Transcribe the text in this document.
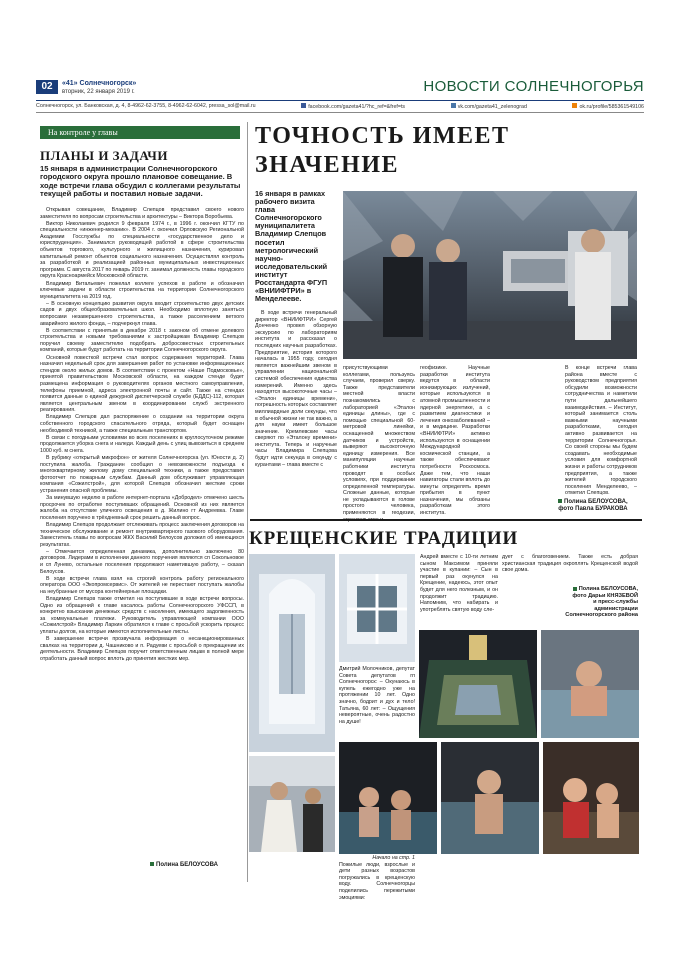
02	«41» Солнечногорск»
вторник, 22 января 2019 г.	НОВОСТИ СОЛНЕЧНОГОРЬЯ
Солнечногорск, ул. Банковская, д. 4, 8-4962-62-3755, 8-4962-62-6042, pressa_sol@mail.ru	facebook.com/gazeta41/?hc_ref=&fref=ts	vk.com/gazeta41_zelenograd	ok.ru/profile/585361549106
На контроле у главы
ПЛАНЫ И ЗАДАЧИ
15 января в администрации Солнечногорского городского округа прошло плановое совещание. В ходе встречи глава обсудил с коллегами результаты текущей работы и поставил новые задачи.

Открывая совещание, Владимир Слепцов представил своего нового заместителя по вопросам строительства и архитектуры – Виктора Воробьева.

Виктор Николаевич родился 9 февраля 1974 г., в 1996 г. окончил КГТУ по специальности «инженер-механик». В 2004 г. окончил Орловскую Региональной Академии Госслужбы по специальности «государственное дело и юриспруденция». Занимался руководящей работой в сфере строительства объектов торгового, культурного и жилищного назначения, курировал капитальный ремонт объектов социального назначения. Осуществлял контроль за разработкой и реализацией районных муниципальных инвестиционных программ. С августа 2017 по январь 2019 гг. занимал должность главы городского округа Красноармейск Московской области.

Владимир Витальевич пожелал коллеге успехов в работе и обозначил ключевые задачи в области строительства на территории Солнечногорского муниципалитета на 2019 год.

– В основную концепцию развития округа входит строительство двух детских садов и двух общеобразовательных школ. Необходимо вплотную заняться вопросами незавершенного строительства, а также расселением ветхого аварийного жилого фонда, – подчеркнул глава.

В соответствии с принятым в декабре 2018 г. законом об отмене долевого строительства и новыми требованиями к застройщикам Владимир Слепцов поручил своему заместителю подобрать добросовестных строительных компаний, которые будут работать на территории Солнечногорского округа.

Основной повесткой встречи стал вопрос содержания территорий. Глава назначил недельный срок для завершения работ по установке информационных стендов около жилых домов. В соответствии с проектом «Наше Подмосковье», принятой правительством Московской области, на каждом стенде будет размещена информация о руководителях органов местного самоуправления, телефоны приемной, адреса электронной почты и сайт. Также на стендах появится данные о единой дежурной диспетчерской службе (ЕДДС)-112, которая является центральным звеном в координировании служб экстренного реагирования.

Владимир Слепцов дал распоряжение о создании на территории округа собственного городского спасательного отряда, который будет оснащен необходимой техникой, а также специальным транспортом.

В связи с погодными условиями во всех поселениях в круглосуточном режиме продолжается уборка снега и наледи. Каждый день с улиц вывозиться в среднем 1000 куб. м снега.

В рубрику «открытый микрофон» от жителя Солнечногорска (ул. Юности д. 2) поступила жалоба. Гражданин сообщил о невозможности подъезда к многоквартирному жилому дому специальной техники, а также предоставил фотоотчет по пожарным службам. Данный дом обслуживает управляющая компания «Сожилстрой», для которой Слепцов обозначил жесткие сроки устранения опасной проблемы.

За минувшую неделю в работе интернет-портала «Добродел» отмечено шесть просрочек по отработке поступивших обращений. Основной из них является жалоба на отсутствие уличного освещения в д. Жилино гт Андреевка. Главе поселения поручено в трёхдневный срок решить данный вопрос.

Владимир Слепцов продолжает отслеживать процесс заключения договоров на техническое обслуживание и ремонт внутриквартирного газового оборудования. Заместитель главы по вопросам ЖКХ Василий Белоусов доложил об имеющихся результатах.

– Отмечается определенная динамика, дополнительно заключено 80 договоров. Лидерами в исполнении данного поручения являются сп Сокольновое и сп Лунево, остальные поселения продолжают наметившую работу, – сказал Белоусов.

В ходе встречи глава взял на строгий контроль работу регионального оператора ООО «Экопромсервис». От жителей не перестают поступать жалобы на неубранные от мусора контейнерные площадки.

Владимир Слепцов также отметил на поступившие в ходе встречи вопросы. Одно из обращений к главе касалось работы Солнечногорского УФССП, в конкретно взыскании денежных средств с населения, имеющего задолженность за коммунальные платежи. Руководитель управляющей компании ООО «Сожилстрой» Владимир Ларкин обратился к главе с просьбой ускорить процесс уплаты долгов, на которые имеются исполнительные листы.

В завершение встречи прозвучала информация о несанкционированных свалках на территории д. Чашниково и п. Радуеви с просьбой о прекращении их деятельности. Владимир Слепцов поручит ответственным лицам в полной мере отработать данный вопрос вплоть до принятия жестких мер.

Полина БЕЛОУСОВА
ТОЧНОСТЬ ИМЕЕТ
ЗНАЧЕНИЕ
16 января в рамках рабочего визита глава Солнечногорского муниципалитета Владимир Слепцов посетил метрологический научно-исследовательский институт Росстандарта ФГУП «ВНИИФТРИ» в Менделееве.
В ходе встречи генеральный директор «ВНИИФТРИ» Сергей Донченко провел обзорную экскурсию по лабораториям института и рассказал о последних научных разработках. Предприятие, история которого началась в 1955 году, сегодня является важнейшим звеном в управлении национальной системой обеспечения единства измерений. Именно здесь находятся высокоточные часы – «Эталон единицы времени», погрешность которых составляет миллиардные доли секунды, что в обычной жизни не так важно, а для науки имеет большое значение. Кремлевские часы сверяют по «Эталону времени» института. Теперь и наручные часы Владимира Слепцова будут идти секунда в секунду с курантами – глава вместе с
присутствующими коллегами, пользуясь случаем, проверил сверку. Также представители местной власти познакомились с лабораторией «Эталон единицы длины», где с помощью специальной 60-метровой линейки, оснащенной множеством датчиков и устройств, выверяют высокоточную единицу измерения. Все манипуляции научные работники института проводят в особых условиях, при поддержании определенной температуры. Сложные данные, которые не укладываются в голове простого человека, применяются в геодезии,
геофизике. Научные разработки института ведутся в области ионизирующих излучений, которые используются в атомной промышленности и ядерной энергетике, а с развитием диагностики и лечения онкозаболеваний – и в медицине. Разработки «ВНИИФТРИ» активно используются в оснащении Международной космической станции, а также обеспечивают потребности Роскосмоса. Даже тем, что наши навигаторы стали вплоть до минуты определять время прибытия в пункт назначения, мы обязаны разработкам этого института.
В конце встречи глава района вместе с руководством предприятия обсудили возможности сотрудничества и наметили пути дальнейшего взаимодействия. – Институт, который занимается столь важными научными разработками, сегодня активно развивается на территории Солнечногорья. Со своей стороны мы будем создавать необходимые условия для комфортной жизни и работы сотрудников предприятия, а также жителей городского поселения Менделеево, – отметил Слепцов.
Полина БЕЛОУСОВА,
фото Павла БУРАКОВА
КРЕЩЕНСКИЕ ТРАДИЦИИ
Андрей вместе с 10-ти летним сыном Максимом приняли участие в купании: – Сын в первый раз окунулся на Крещение, надеюсь, этот опыт будет для него полезным, и он продолжит традицию. Напомним, что набирать и употреблять святую воду сле-
дует с благоговением. Также есть добрая христианская традиция окроплять Крещенской водой свое дома.
Полина БЕЛОУСОВА,
фото Дарьи КНЯЗЕВОЙ
и пресс-службы
администрации
Солнечногорского района
Дмитрий Молочников, депутат Совета депутатов гп Солнечногорск: – Окунаюсь в купель ежегодно уже на протяжении 10 лет. Одно значно, бодрит и дух и тело! Татьяна, 60 лет: – Ощущения невероятные, очень радостно на душе!
Начало на стр. 1
Пожилые люди, взрослые и дети разных возрастов погружались в крещенскую воду. Солнечногорцы поделились пережитыми эмоциями:
